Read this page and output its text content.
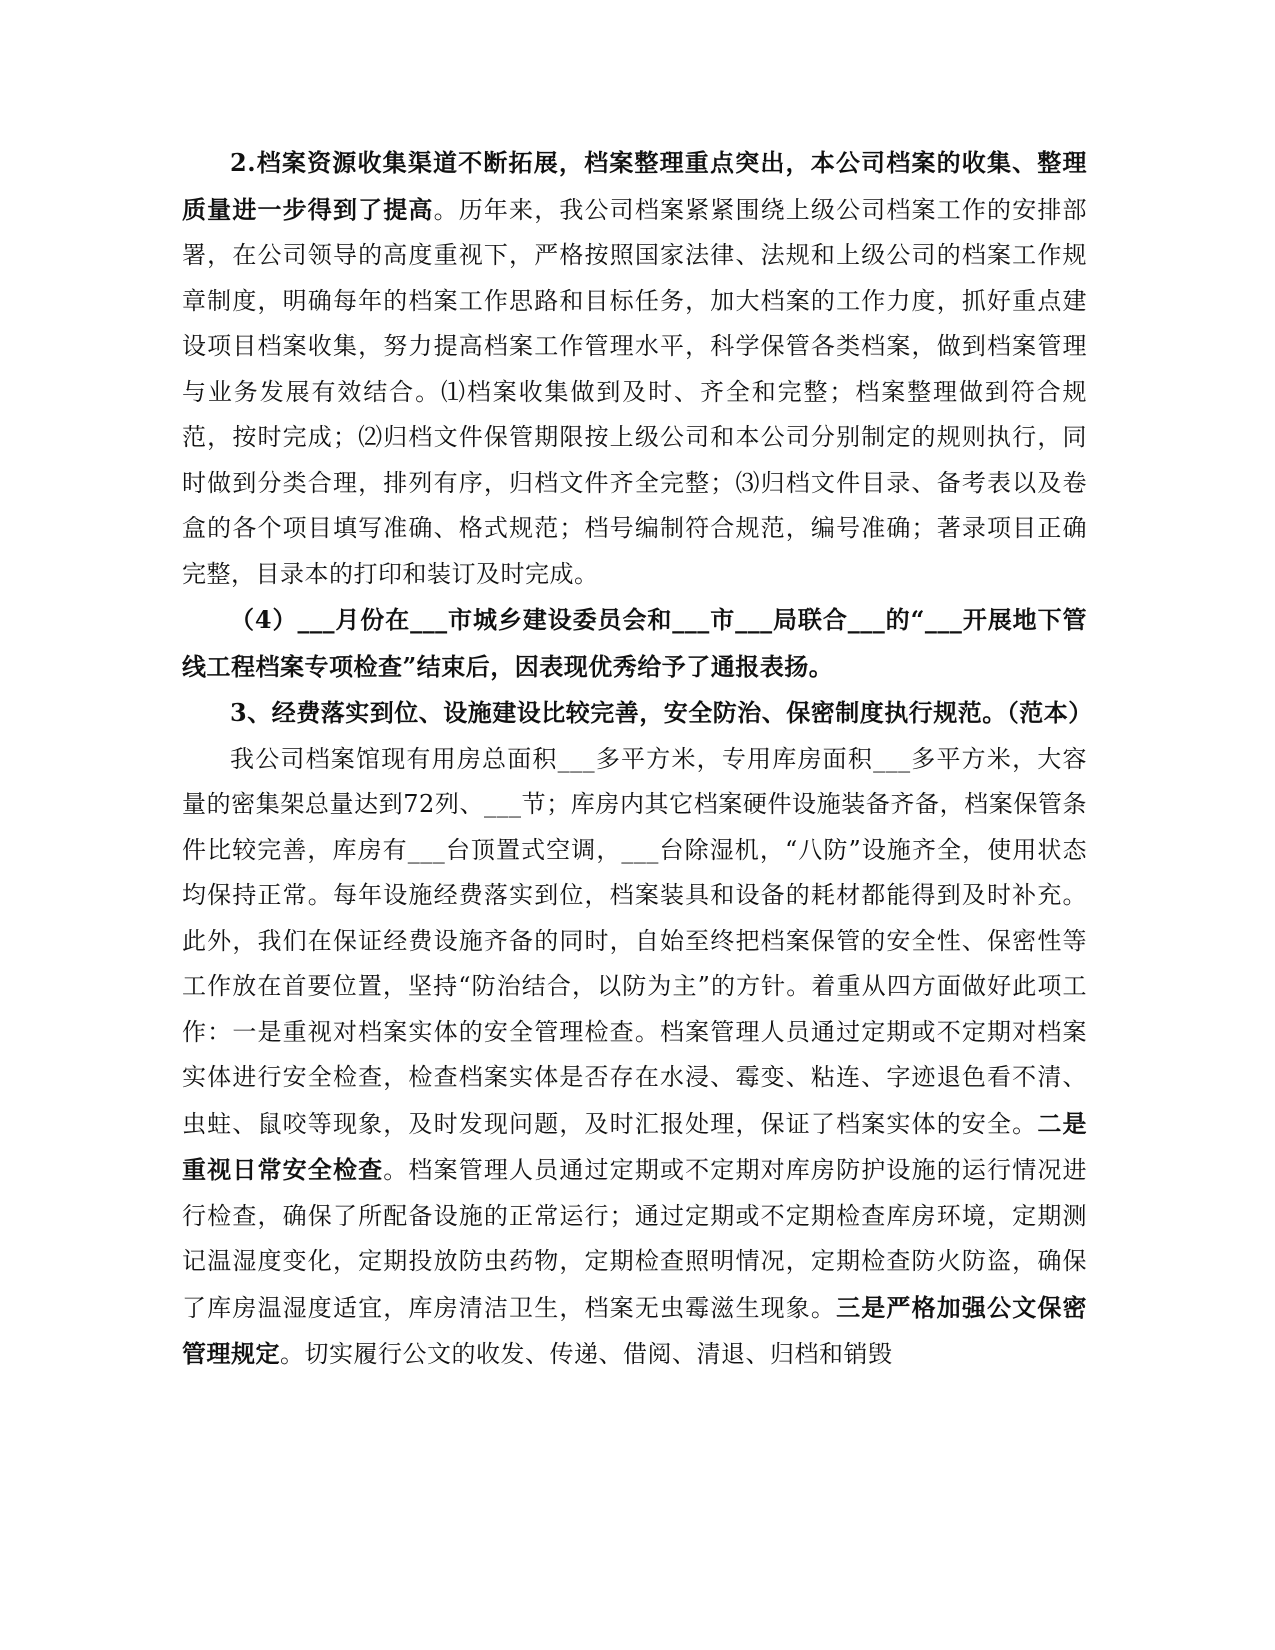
2.档案资源收集渠道不断拓展，档案整理重点突出，本公司档案的收集、整理质量进一步得到了提高。历年来，我公司档案紧紧围绕上级公司档案工作的安排部署，在公司领导的高度重视下，严格按照国家法律、法规和上级公司的档案工作规章制度，明确每年的档案工作思路和目标任务，加大档案的工作力度，抓好重点建设项目档案收集，努力提高档案工作管理水平，科学保管各类档案，做到档案管理与业务发展有效结合。⑴档案收集做到及时、齐全和完整；档案整理做到符合规范，按时完成；⑵归档文件保管期限按上级公司和本公司分别制定的规则执行，同时做到分类合理，排列有序，归档文件齐全完整；⑶归档文件目录、备考表以及卷盒的各个项目填写准确、格式规范；档号编制符合规范，编号准确；著录项目正确完整，目录本的打印和装订及时完成。

（4）___月份在___市城乡建设委员会和___市___局联合___的“___开展地下管线工程档案专项检查”结束后，因表现优秀给予了通报表扬。

3、经费落实到位、设施建设比较完善，安全防治、保密制度执行规范。（范本）

我公司档案馆现有用房总面积___多平方米，专用库房面积___多平方米，大容量的密集架总量达到72列、___节；库房内其它档案硬件设施装备齐备，档案保管条件比较完善，库房有___台顶置式空调，___台除湿机，“八防”设施齐全，使用状态均保持正常。每年设施经费落实到位，档案装具和设备的耗材都能得到及时补充。此外，我们在保证经费设施齐备的同时，自始至终把档案保管的安全性、保密性等工作放在首要位置，坚持“防治结合，以防为主”的方针。着重从四方面做好此项工作：一是重视对档案实体的安全管理检查。档案管理人员通过定期或不定期对档案实体进行安全检查，检查档案实体是否存在水浸、霉变、粘连、字迹退色看不清、虫蛀、鼠咬等现象，及时发现问题，及时汇报处理，保证了档案实体的安全。二是重视日常安全检查。档案管理人员通过定期或不定期对库房防护设施的运行情况进行检查，确保了所配备设施的正常运行；通过定期或不定期检查库房环境，定期测记温湿度变化，定期投放防虫药物，定期检查照明情况，定期检查防火防盗，确保了库房温湿度适宜，库房清洁卫生，档案无虫霉滋生现象。三是严格加强公文保密管理规定。切实履行公文的收发、传递、借阅、清退、归档和销毁
